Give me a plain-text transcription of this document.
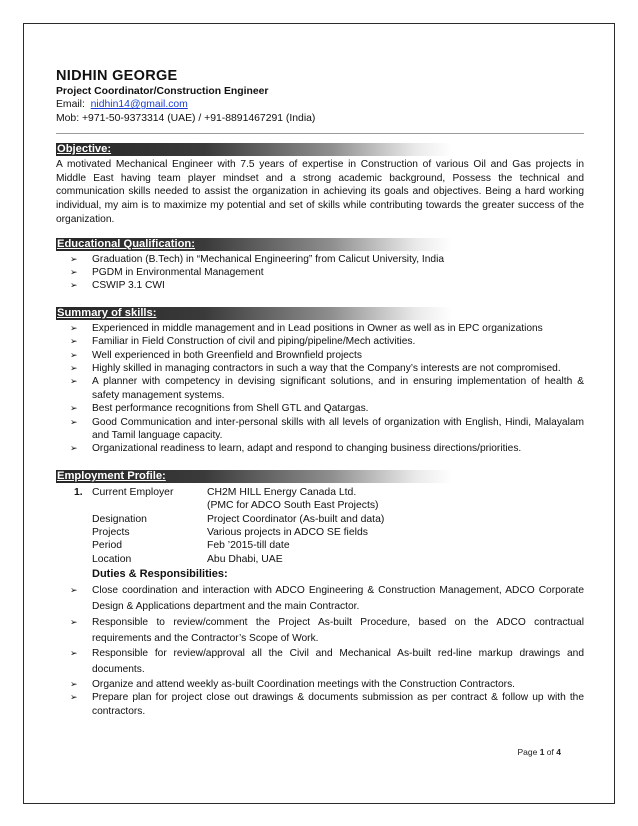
NIDHIN GEORGE
Project Coordinator/Construction Engineer
Email: nidhin14@gmail.com
Mob: +971-50-9373314 (UAE) / +91-8891467291 (India)
Objective:

A motivated Mechanical Engineer with 7.5 years of expertise in Construction of various Oil and Gas projects in Middle East having team player mindset and a strong academic background, Possess the technical and communication skills needed to assist the organization in achieving its goals and objectives. Being a hard working individual, my aim is to maximize my potential and set of skills while contributing towards the greater success of the organization.

Educational Qualification:
➢ Graduation (B.Tech) in “Mechanical Engineering” from Calicut University, India
➢ PGDM in Environmental Management
➢ CSWIP 3.1 CWI
Summary of skills:
➢ Experienced in middle management and in Lead positions in Owner as well as in EPC organizations
➢ Familiar in Field Construction of civil and piping/pipeline/Mech activities.
➢ Well experienced in both Greenfield and Brownfield projects
➢ Highly skilled in managing contractors in such a way that the Company’s interests are not compromised.
➢ A planner with competency in devising significant solutions, and in ensuring implementation of health & safety management systems.
➢ Best performance recognitions from Shell GTL and Qatargas.
➢ Good Communication and inter-personal skills with all levels of organization with English, Hindi, Malayalam and Tamil language capacity.
➢ Organizational readiness to learn, adapt and respond to changing business directions/priorities.
Employment Profile:
1. Current Employer	CH2M HILL Energy Canada Ltd.
(PMC for ADCO South East Projects)
Designation	Project Coordinator (As-built and data)
Projects	Various projects in ADCO SE fields
Period	Feb ’2015-till date
Location	Abu Dhabi, UAE
Duties & Responsibilities:
➢ Close coordination and interaction with ADCO Engineering & Construction Management, ADCO Corporate Design & Applications department and the main Contractor.
➢ Responsible to review/comment the Project As-built Procedure, based on the ADCO contractual requirements and the Contractor’s Scope of Work.
➢ Responsible for review/approval all the Civil and Mechanical As-built red-line markup drawings and documents.
➢ Organize and attend weekly as-built Coordination meetings with the Construction Contractors.
➢ Prepare plan for project close out drawings & documents submission as per contract & follow up with the contractors.
Page 1 of 4
